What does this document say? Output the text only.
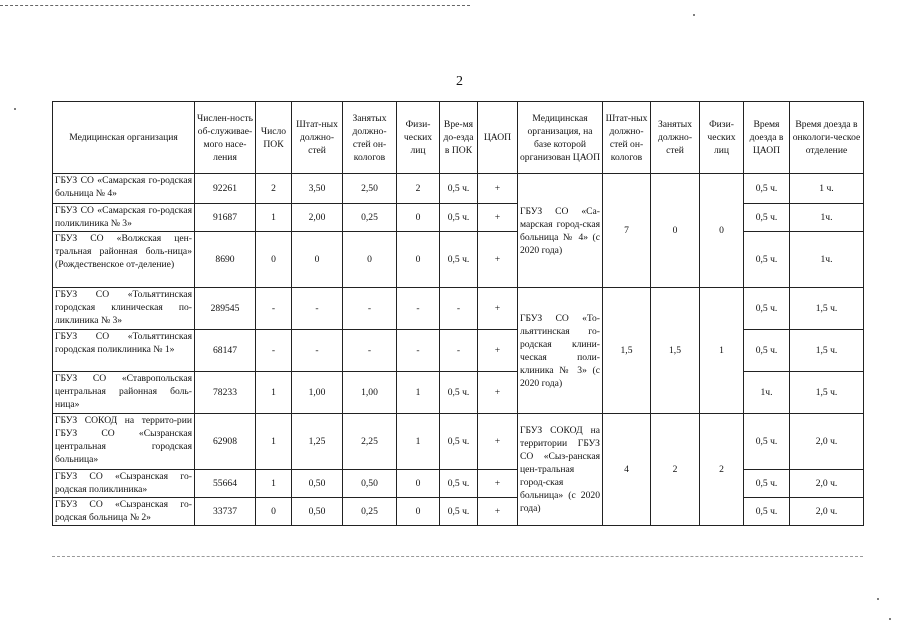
2
Медицинская организация	Числен-ность об-служивае-мого насе-ления	Число ПОК	Штат-ных должно-стей	Занятых должно-стей он-кологов	Физи-ческих лиц	Вре-мя до-езда в ПОК	ЦАОП	Медицинская организация, на базе которой организован ЦАОП	Штат-ных должно-стей он-кологов	Занятых должно-стей	Физи-ческих лиц	Время доезда в ЦАОП	Время доезда в онкологи-ческое отделение
ГБУЗ СО «Самарская го-родская больница № 4»	92261	2	3,50	2,50	2	0,5 ч.	+	ГБУЗ СО «Са-марская город-ская больница № 4» (с 2020 года)	7	0	0	0,5 ч.	1 ч.
ГБУЗ СО «Самарская го-родская поликлиника № 3»	91687	1	2,00	0,25	0	0,5 ч.	+					0,5 ч.	1ч.
ГБУЗ СО «Волжская цен-тральная районная боль-ница» (Рождественское от-деление)	8690	0	0	0	0	0,5 ч.	+					0,5 ч.	1ч.
ГБУЗ СО «Тольяттинская городская клиническая по-ликлиника № 3»	289545	-	-	-	-	-	+	ГБУЗ СО «То-льяттинская го-родская клини-ческая поли-клиника № 3» (с 2020 года)	1,5	1,5	1	0,5 ч.	1,5 ч.
ГБУЗ СО «Тольяттинская городская поликлиника № 1»	68147	-	-	-	-	-	+					0,5 ч.	1,5 ч.
ГБУЗ СО «Ставропольская центральная районная боль-ница»	78233	1	1,00	1,00	1	0,5 ч.	+					1ч.	1,5 ч.
ГБУЗ СОКОД на террито-рии ГБУЗ СО «Сызранская центральная городская больница»	62908	1	1,25	2,25	1	0,5 ч.	+	ГБУЗ СОКОД на территории ГБУЗ СО «Сыз-ранская цен-тральная город-ская больница» (с 2020 года)	4	2	2	0,5 ч.	2,0 ч.
ГБУЗ СО «Сызранская го-родская поликлиника»	55664	1	0,50	0,50	0	0,5 ч.	+					0,5 ч.	2,0 ч.
ГБУЗ СО «Сызранская го-родская больница № 2»	33737	0	0,50	0,25	0	0,5 ч.	+					0,5 ч.	2,0 ч.
